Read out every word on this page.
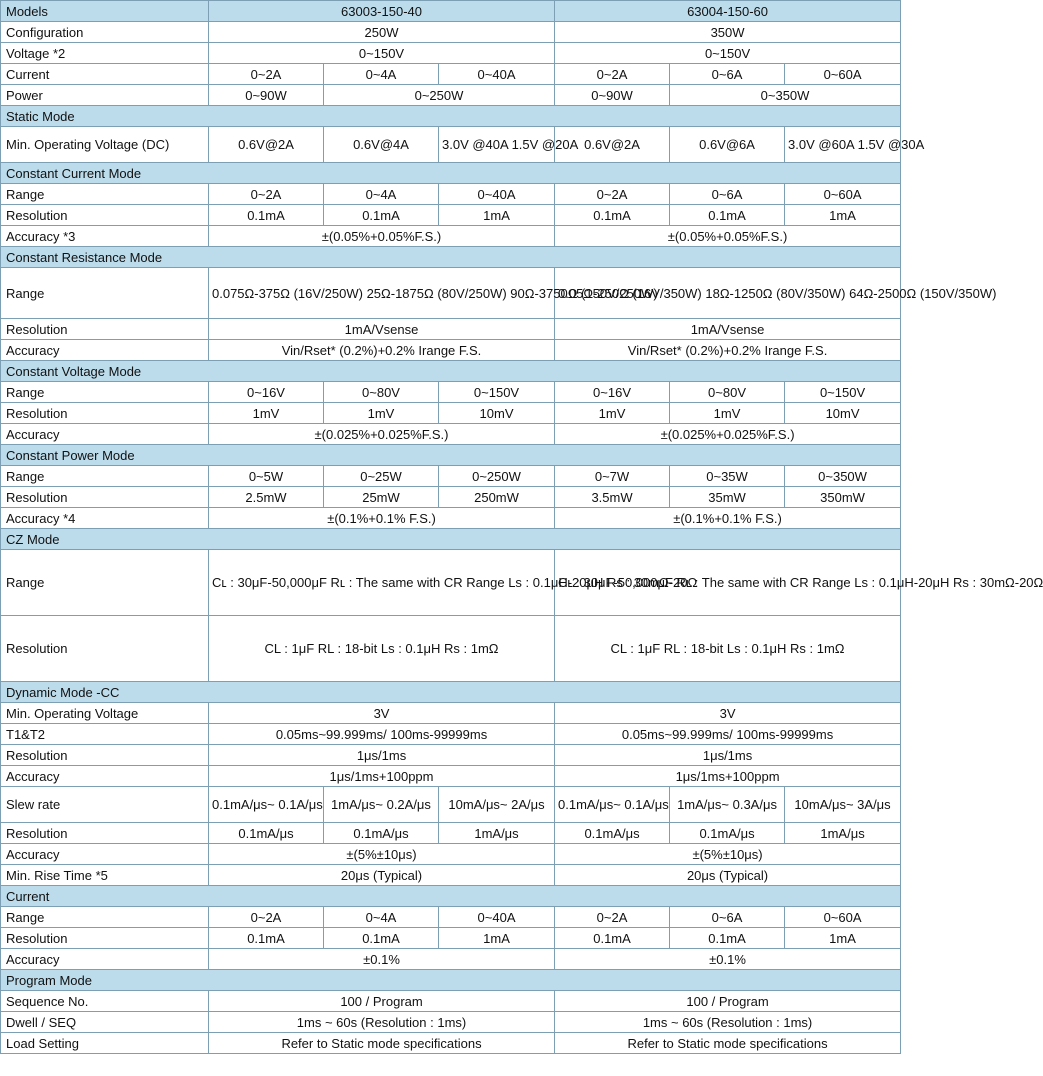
Models	63003-150-40			63004-150-60		
Configuration	250W			350W		
Voltage *2	0~150V			0~150V		
Current	0~2A	0~4A	0~40A	0~2A	0~6A	0~60A
Power	0~90W	0~250W		0~90W	0~350W	
Static Mode						
Min. Operating Voltage (DC)	0.6V@2A	0.6V@4A	3.0V @40A 1.5V @20A	0.6V@2A	0.6V@6A	3.0V @60A 1.5V @30A
Constant Current Mode						
Range	0~2A	0~4A	0~40A	0~2A	0~6A	0~60A
Resolution	0.1mA	0.1mA	1mA	0.1mA	0.1mA	1mA
Accuracy *3	±(0.05%+0.05%F.S.)			±(0.05%+0.05%F.S.)		
Constant Resistance Mode						
Range	0.075Ω-375Ω (16V/250W) 25Ω-1875Ω (80V/250W) 90Ω-3750Ω (150V/250W)			0.05Ω-250Ω (16V/350W) 18Ω-1250Ω (80V/350W) 64Ω-2500Ω (150V/350W)		
Resolution	1mA/Vsense			1mA/Vsense		
Accuracy	Vin/Rset* (0.2%)+0.2% Irange F.S.			Vin/Rset* (0.2%)+0.2% Irange F.S.		
Constant Voltage Mode						
Range	0~16V	0~80V	0~150V	0~16V	0~80V	0~150V
Resolution	1mV	1mV	10mV	1mV	1mV	10mV
Accuracy	±(0.025%+0.025%F.S.)			±(0.025%+0.025%F.S.)		
Constant Power Mode						
Range	0~5W	0~25W	0~250W	0~7W	0~35W	0~350W
Resolution	2.5mW	25mW	250mW	3.5mW	35mW	350mW
Accuracy *4	±(0.1%+0.1% F.S.)			±(0.1%+0.1% F.S.)		
CZ Mode						
Range	Cʟ : 30μF-50,000μF Rʟ : The same with CR Range Ls : 0.1μH-20μH Rs : 30mΩ-20Ω			Cʟ : 30μF-50,000μF Rʟ : The same with CR Range Ls : 0.1μH-20μH Rs : 30mΩ-20Ω		
Resolution	CL : 1μF RL : 18-bit Ls : 0.1μH Rs : 1mΩ			CL : 1μF RL : 18-bit Ls : 0.1μH Rs : 1mΩ		
Dynamic Mode -CC						
Min. Operating Voltage	3V			3V		
T1&T2	0.05ms~99.999ms/ 100ms-99999ms			0.05ms~99.999ms/ 100ms-99999ms		
Resolution	1μs/1ms			1μs/1ms		
Accuracy	1μs/1ms+100ppm			1μs/1ms+100ppm		
Slew rate	0.1mA/μs~ 0.1A/μs	1mA/μs~ 0.2A/μs	10mA/μs~ 2A/μs	0.1mA/μs~ 0.1A/μs	1mA/μs~ 0.3A/μs	10mA/μs~ 3A/μs
Resolution	0.1mA/μs	0.1mA/μs	1mA/μs	0.1mA/μs	0.1mA/μs	1mA/μs
Accuracy	±(5%±10μs)			±(5%±10μs)		
Min. Rise Time *5	20μs (Typical)			20μs (Typical)		
Current						
Range	0~2A	0~4A	0~40A	0~2A	0~6A	0~60A
Resolution	0.1mA	0.1mA	1mA	0.1mA	0.1mA	1mA
Accuracy	±0.1%			±0.1%		
Program Mode						
Sequence No.	100 / Program			100 / Program		
Dwell / SEQ	1ms ~ 60s (Resolution : 1ms)			1ms ~ 60s (Resolution : 1ms)		
Load Setting	Refer to Static mode specifications			Refer to Static mode specifications		
